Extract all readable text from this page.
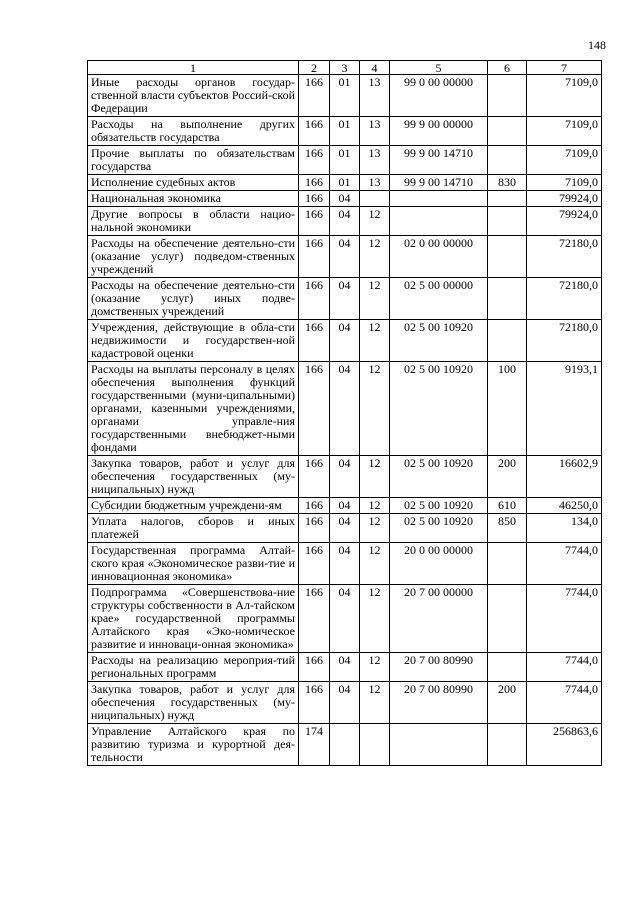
148
1	2	3	4	5	6	7
Иные расходы органов государ-ственной власти субъектов Россий-ской Федерации	166	01	13	99 0 00 00000		7109,0
Расходы на выполнение других обязательств государства	166	01	13	99 9 00 00000		7109,0
Прочие выплаты по обязательствам государства	166	01	13	99 9 00 14710		7109,0
Исполнение судебных актов	166	01	13	99 9 00 14710	830	7109,0
Национальная экономика	166	04				79924,0
Другие вопросы в области нацио-нальной экономики	166	04	12			79924,0
Расходы на обеспечение деятельно-сти (оказание услуг) подведом-ственных учреждений	166	04	12	02 0 00 00000		72180,0
Расходы на обеспечение деятельно-сти (оказание услуг) иных подве-домственных учреждений	166	04	12	02 5 00 00000		72180,0
Учреждения, действующие в обла-сти недвижимости и государствен-ной кадастровой оценки	166	04	12	02 5 00 10920		72180,0
Расходы на выплаты персоналу в целях обеспечения выполнения функций государственными (муни-ципальными) органами, казенными учреждениями, органами управле-ния государственными внебюджет-ными фондами	166	04	12	02 5 00 10920	100	9193,1
Закупка товаров, работ и услуг для обеспечения государственных (му-ниципальных) нужд	166	04	12	02 5 00 10920	200	16602,9
Субсидии бюджетным учреждени-ям	166	04	12	02 5 00 10920	610	46250,0
Уплата налогов, сборов и иных платежей	166	04	12	02 5 00 10920	850	134,0
Государственная программа Алтай-ского края «Экономическое разви-тие и инновационная экономика»	166	04	12	20 0 00 00000		7744,0
Подпрограмма «Совершенствова-ние структуры собственности в Ал-тайском крае» государственной программы Алтайского края «Эко-номическое развитие и инноваци-онная экономика»	166	04	12	20 7 00 00000		7744,0
Расходы на реализацию мероприя-тий региональных программ	166	04	12	20 7 00 80990		7744,0
Закупка товаров, работ и услуг для обеспечения государственных (му-ниципальных) нужд	166	04	12	20 7 00 80990	200	7744,0
Управление Алтайского края по развитию туризма и курортной дея-тельности	174					256863,6
